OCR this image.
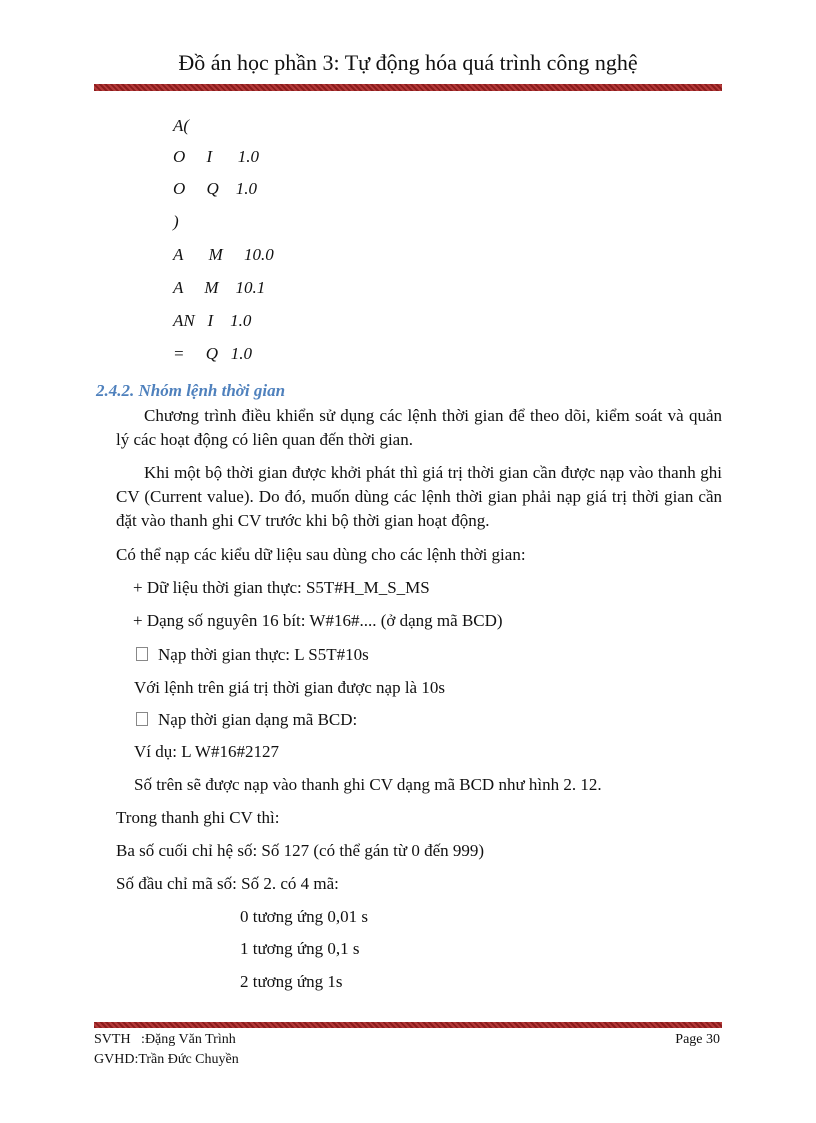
Đồ án học phần 3: Tự động hóa quá trình công nghệ
A(
O     I      1.0
O     Q    1.0
)
A      M     10.0
A     M    10.1
AN   I    1.0
=     Q   1.0
2.4.2. Nhóm lệnh thời gian
Chương trình điều khiển sử dụng các lệnh thời gian để theo dõi, kiểm soát và quản lý các hoạt động có liên quan đến thời gian.
Khi một bộ thời gian được khởi phát thì giá trị thời gian cần được nạp vào thanh ghi CV (Current value). Do đó, muốn dùng các lệnh thời gian phải nạp giá trị thời gian cần đặt vào thanh ghi CV trước khi bộ thời gian hoạt động.
Có thể nạp các kiểu dữ liệu sau dùng cho các lệnh thời gian:
+ Dữ liệu thời gian thực: S5T#H_M_S_MS
+ Dạng số nguyên 16 bít: W#16#.... (ở dạng mã BCD)
Nạp thời gian thực: L S5T#10s
Với lệnh trên giá trị thời gian được nạp là 10s
Nạp thời gian dạng mã BCD:
Ví dụ: L W#16#2127
Số trên sẽ được nạp vào thanh ghi CV dạng mã BCD như hình 2. 12.
Trong thanh ghi CV thì:
Ba số cuối chỉ hệ số: Số 127 (có thể gán từ 0 đến 999)
Số đầu chỉ mã số: Số 2. có 4 mã:
0 tương ứng 0,01 s
1 tương ứng 0,1 s
2 tương ứng 1s
SVTH   :Đặng Văn Trình
GVHD:Trần Đức Chuyền
Page 30
